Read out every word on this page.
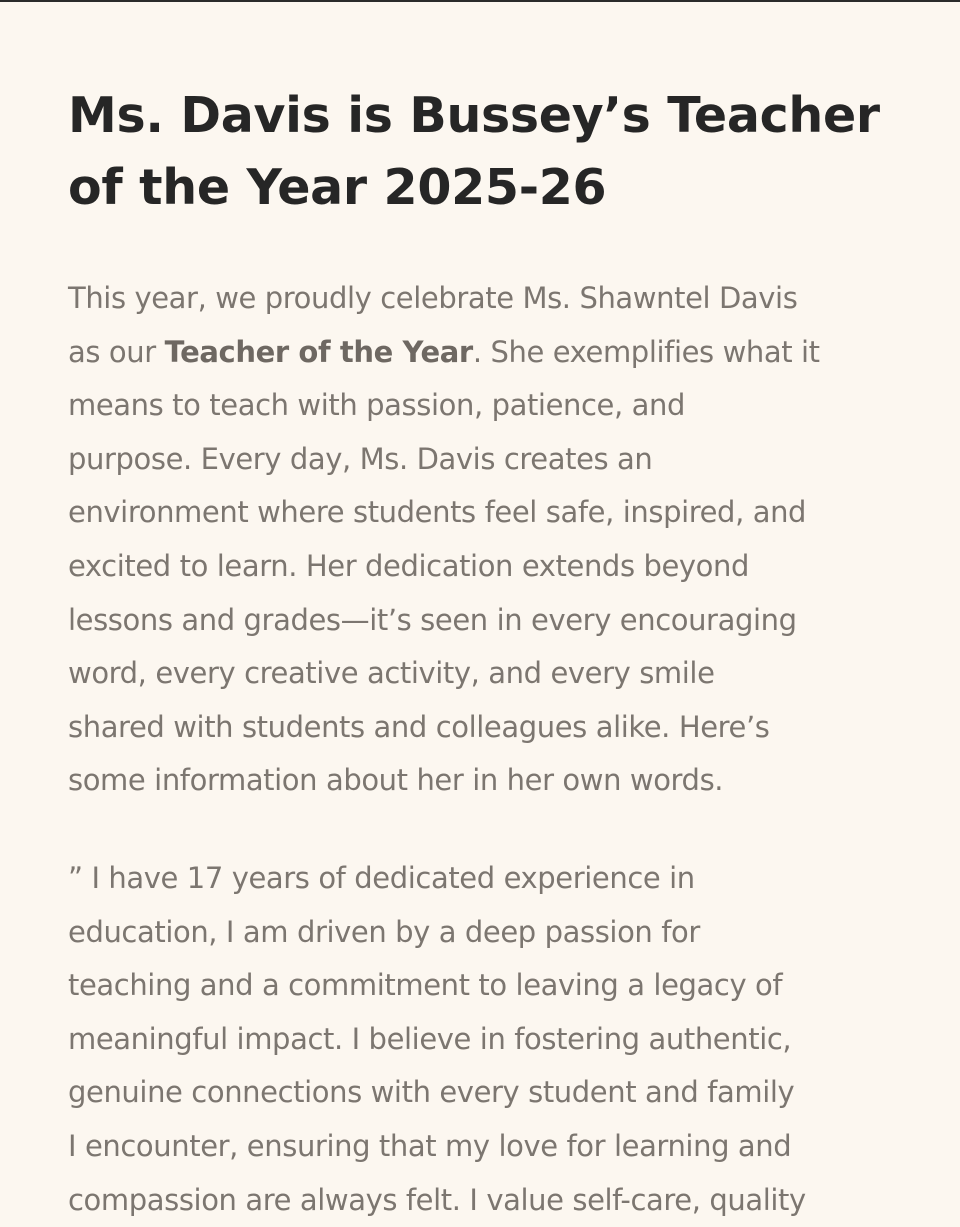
Ms. Davis is Bussey’s Teacher
of the Year 2025-26

This year, we proudly celebrate Ms. Shawntel Davis
as our Teacher of the Year. She exemplifies what it
means to teach with passion, patience, and
purpose. Every day, Ms. Davis creates an
environment where students feel safe, inspired, and
excited to learn. Her dedication extends beyond
lessons and grades—it’s seen in every encouraging
word, every creative activity, and every smile
shared with students and colleagues alike. Here’s
some information about her in her own words.

” I have 17 years of dedicated experience in
education, I am driven by a deep passion for
teaching and a commitment to leaving a legacy of
meaningful impact. I believe in fostering authentic,
genuine connections with every student and family
I encounter, ensuring that my love for learning and
compassion are always felt. I value self-care, quality
